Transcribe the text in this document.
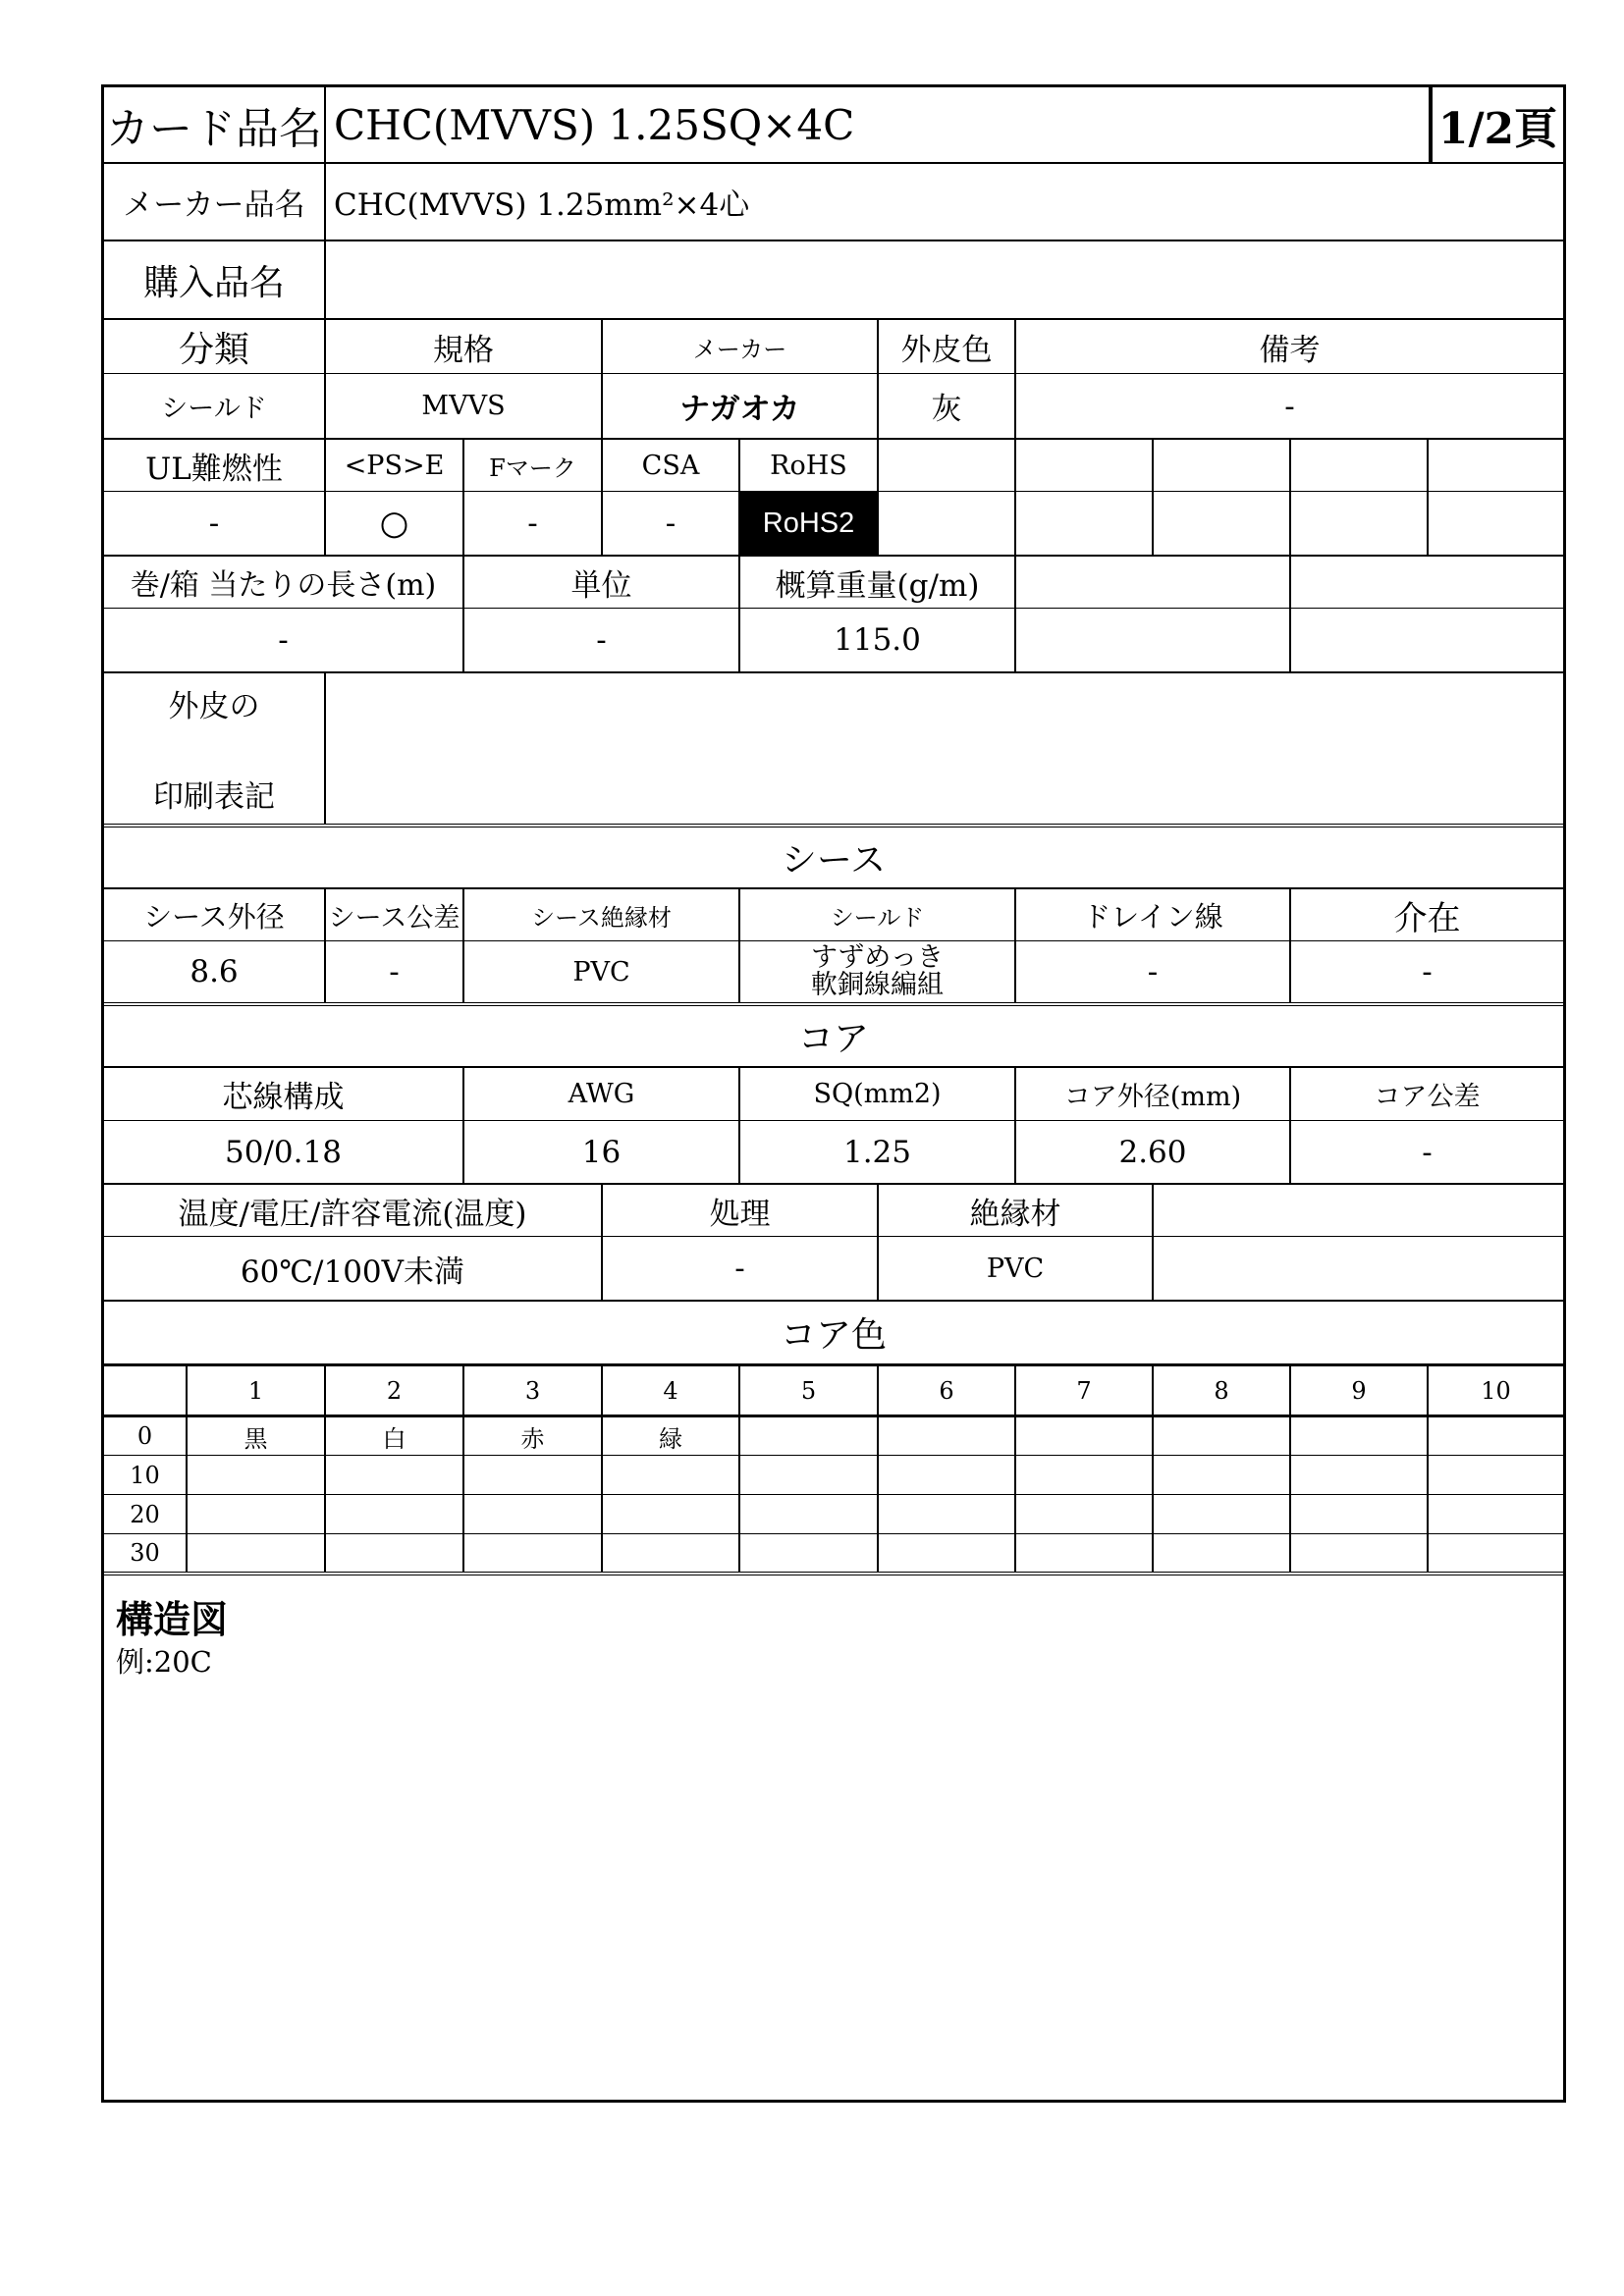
カード品名 CHC(MVVS) 1.25SQ×4C	1/2頁
メーカー品名 CHC(MVVS) 1.25mm²×4心
購入品名
分類	規格	メーカー	外皮色	備考
シールド	MVVS	ナガオカ	灰	-
UL難燃性	<PS>E	Fマーク	CSA	RoHS
-	○	-	-	RoHS2
巻/箱 当たりの長さ(m)	単位	概算重量(g/m)
-	-	115.0
外皮の
印刷表記
シース
シース外径	シース公差	シース絶縁材	シールド	ドレイン線	介在
8.6	-	PVC	すずめっき
軟銅線編組	-	-
コア
芯線構成	AWG	SQ(mm2)	コア外径(mm)	コア公差
50/0.18	16	1.25	2.60	-
温度/電圧/許容電流(温度)	処理	絶縁材
60℃/100V未満	-	PVC
コア色
1	2	3	4	5	6	7	8	9	10
0	黒	白	赤	緑
10
20
30
構造図
例:20C
